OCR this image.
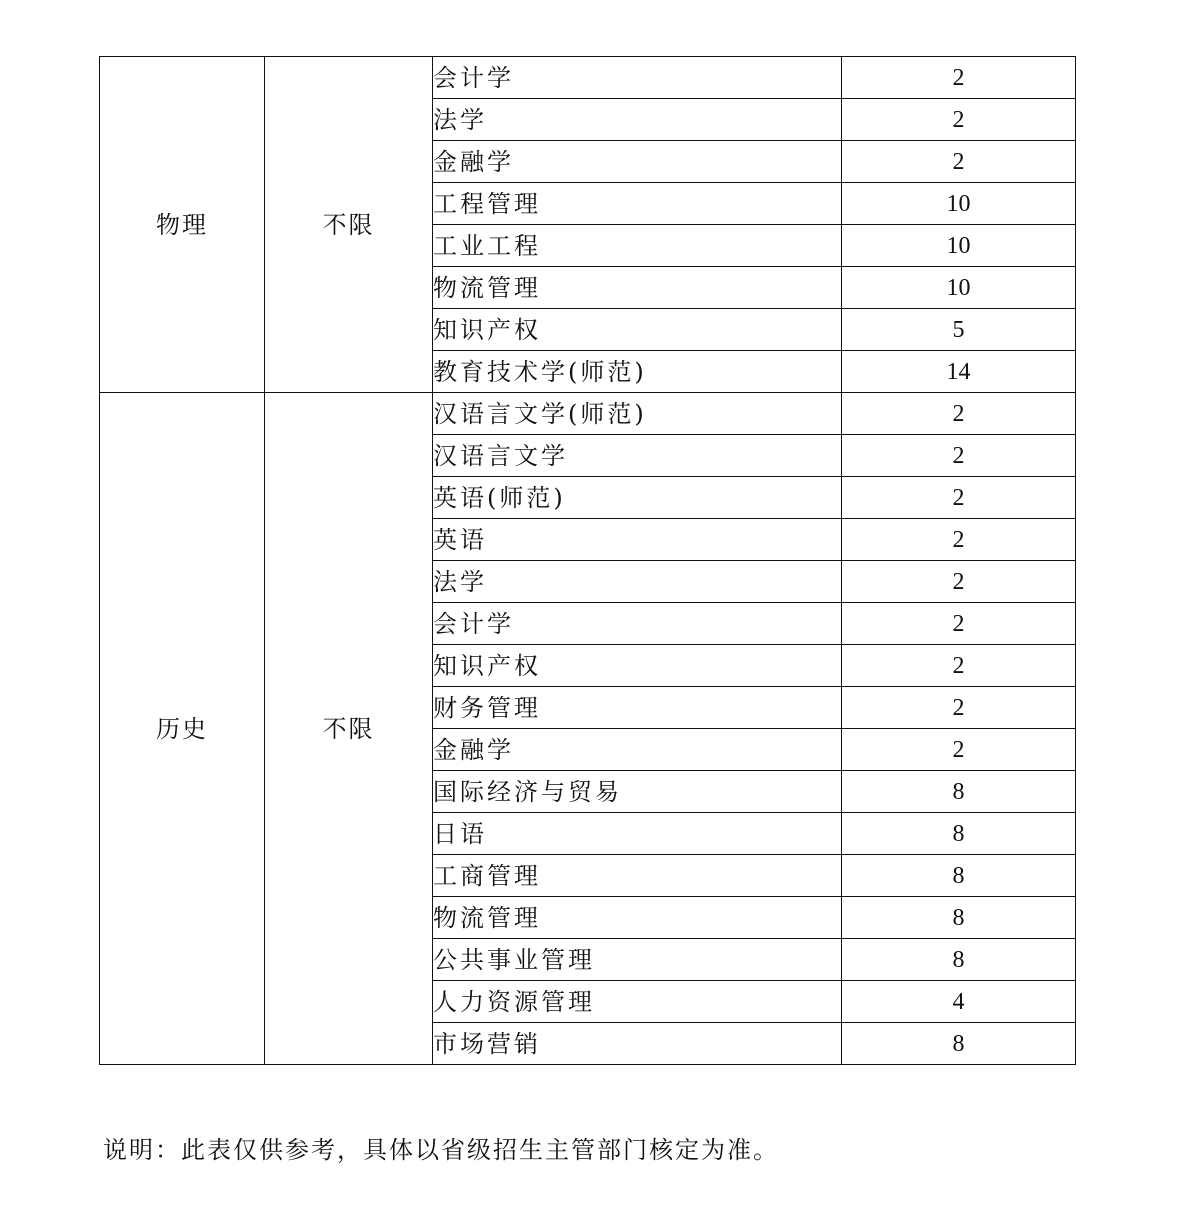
物理	不限	会计学	2
		法学	2
		金融学	2
		工程管理	10
		工业工程	10
		物流管理	10
		知识产权	5
		教育技术学(师范)	14
历史	不限	汉语言文学(师范)	2
		汉语言文学	2
		英语(师范)	2
		英语	2
		法学	2
		会计学	2
		知识产权	2
		财务管理	2
		金融学	2
		国际经济与贸易	8
		日语	8
		工商管理	8
		物流管理	8
		公共事业管理	8
		人力资源管理	4
		市场营销	8
说明：此表仅供参考，具体以省级招生主管部门核定为准。
